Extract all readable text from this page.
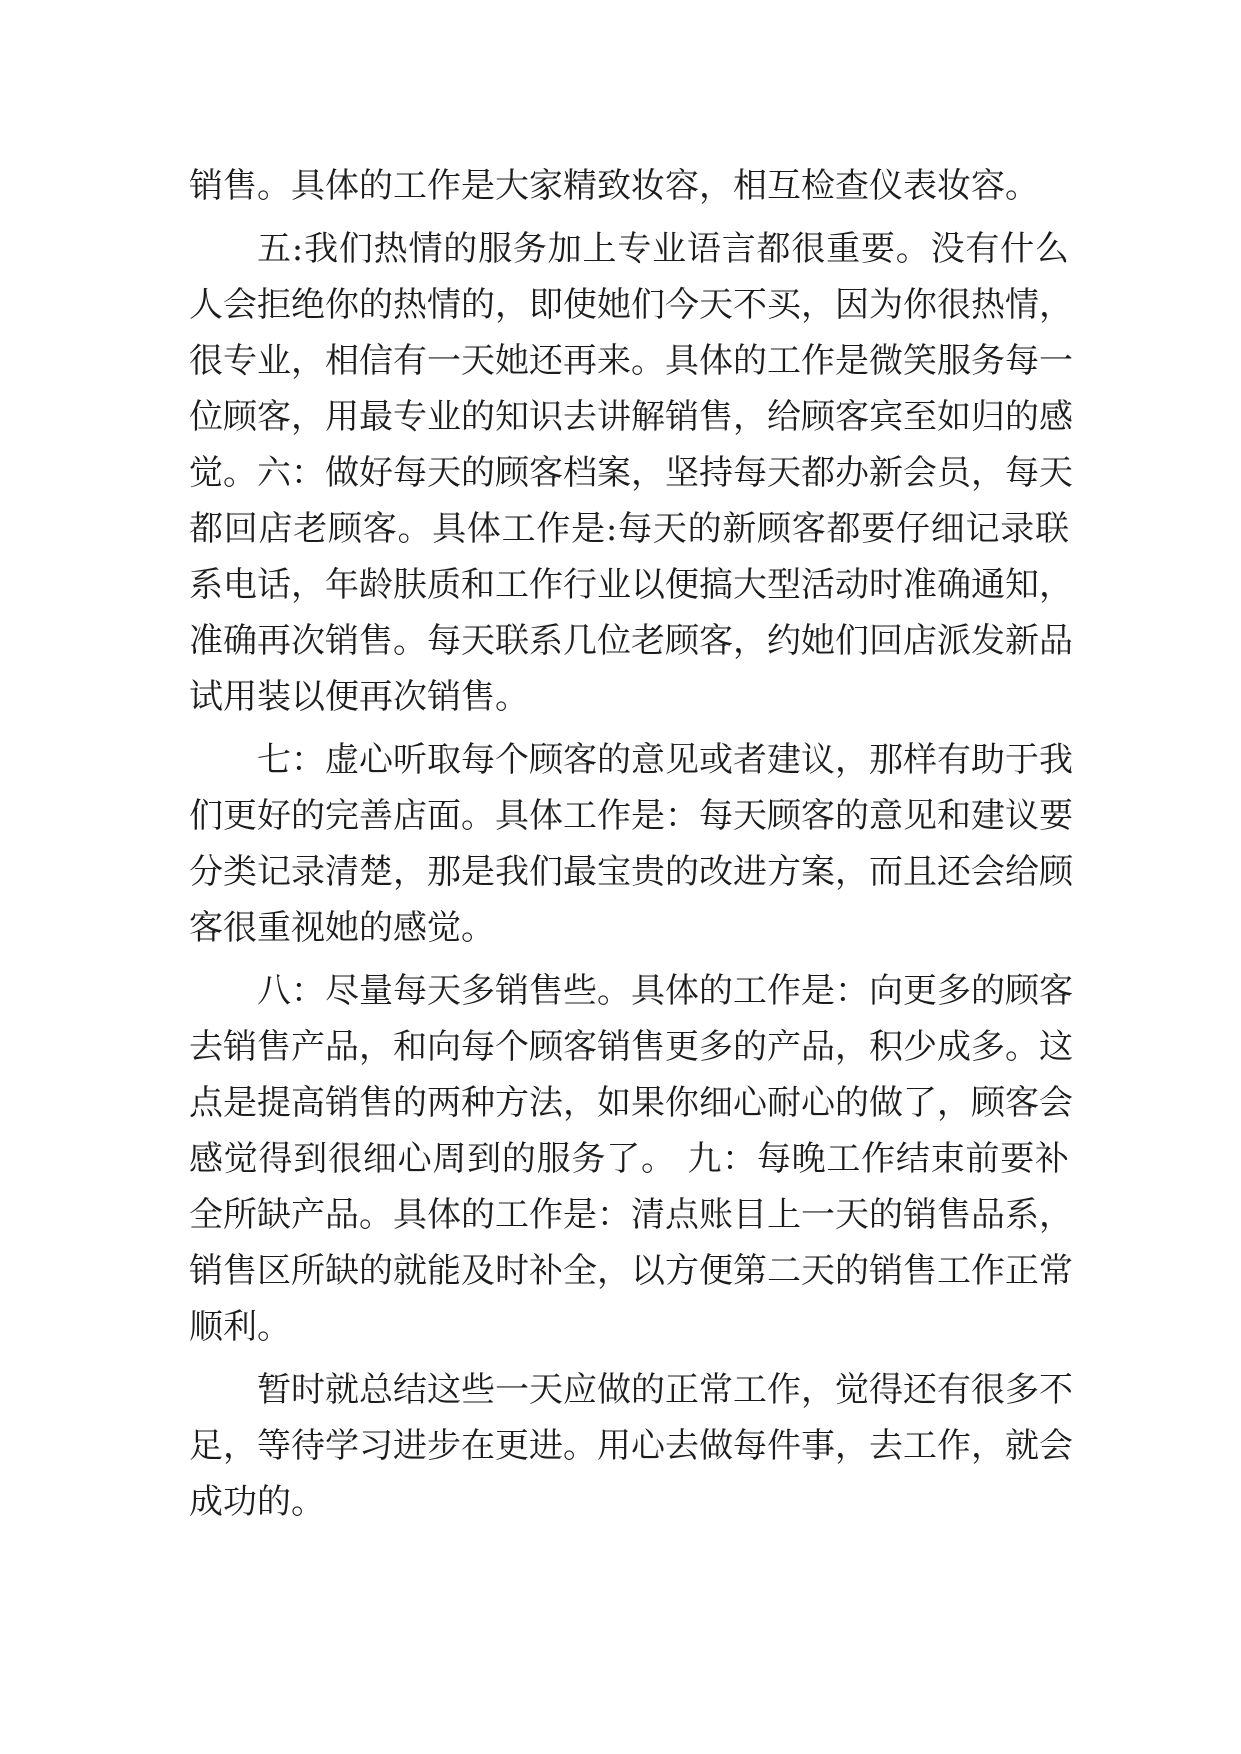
销售。具体的工作是大家精致妆容，相互检查仪表妆容。
五:我们热情的服务加上专业语言都很重要。没有什么
人会拒绝你的热情的，即使她们今天不买，因为你很热情，
很专业，相信有一天她还再来。具体的工作是微笑服务每一
位顾客，用最专业的知识去讲解销售，给顾客宾至如归的感
觉。六：做好每天的顾客档案，坚持每天都办新会员，每天
都回店老顾客。具体工作是:每天的新顾客都要仔细记录联
系电话，年龄肤质和工作行业以便搞大型活动时准确通知，
准确再次销售。每天联系几位老顾客，约她们回店派发新品
试用装以便再次销售。
七：虚心听取每个顾客的意见或者建议，那样有助于我
们更好的完善店面。具体工作是：每天顾客的意见和建议要
分类记录清楚，那是我们最宝贵的改进方案，而且还会给顾
客很重视她的感觉。
八：尽量每天多销售些。具体的工作是：向更多的顾客
去销售产品，和向每个顾客销售更多的产品，积少成多。这
点是提高销售的两种方法，如果你细心耐心的做了，顾客会
感觉得到很细心周到的服务了。 九：每晚工作结束前要补
全所缺产品。具体的工作是：清点账目上一天的销售品系，
销售区所缺的就能及时补全，以方便第二天的销售工作正常
顺利。
暂时就总结这些一天应做的正常工作，觉得还有很多不
足，等待学习进步在更进。用心去做每件事，去工作，就会
成功的。
